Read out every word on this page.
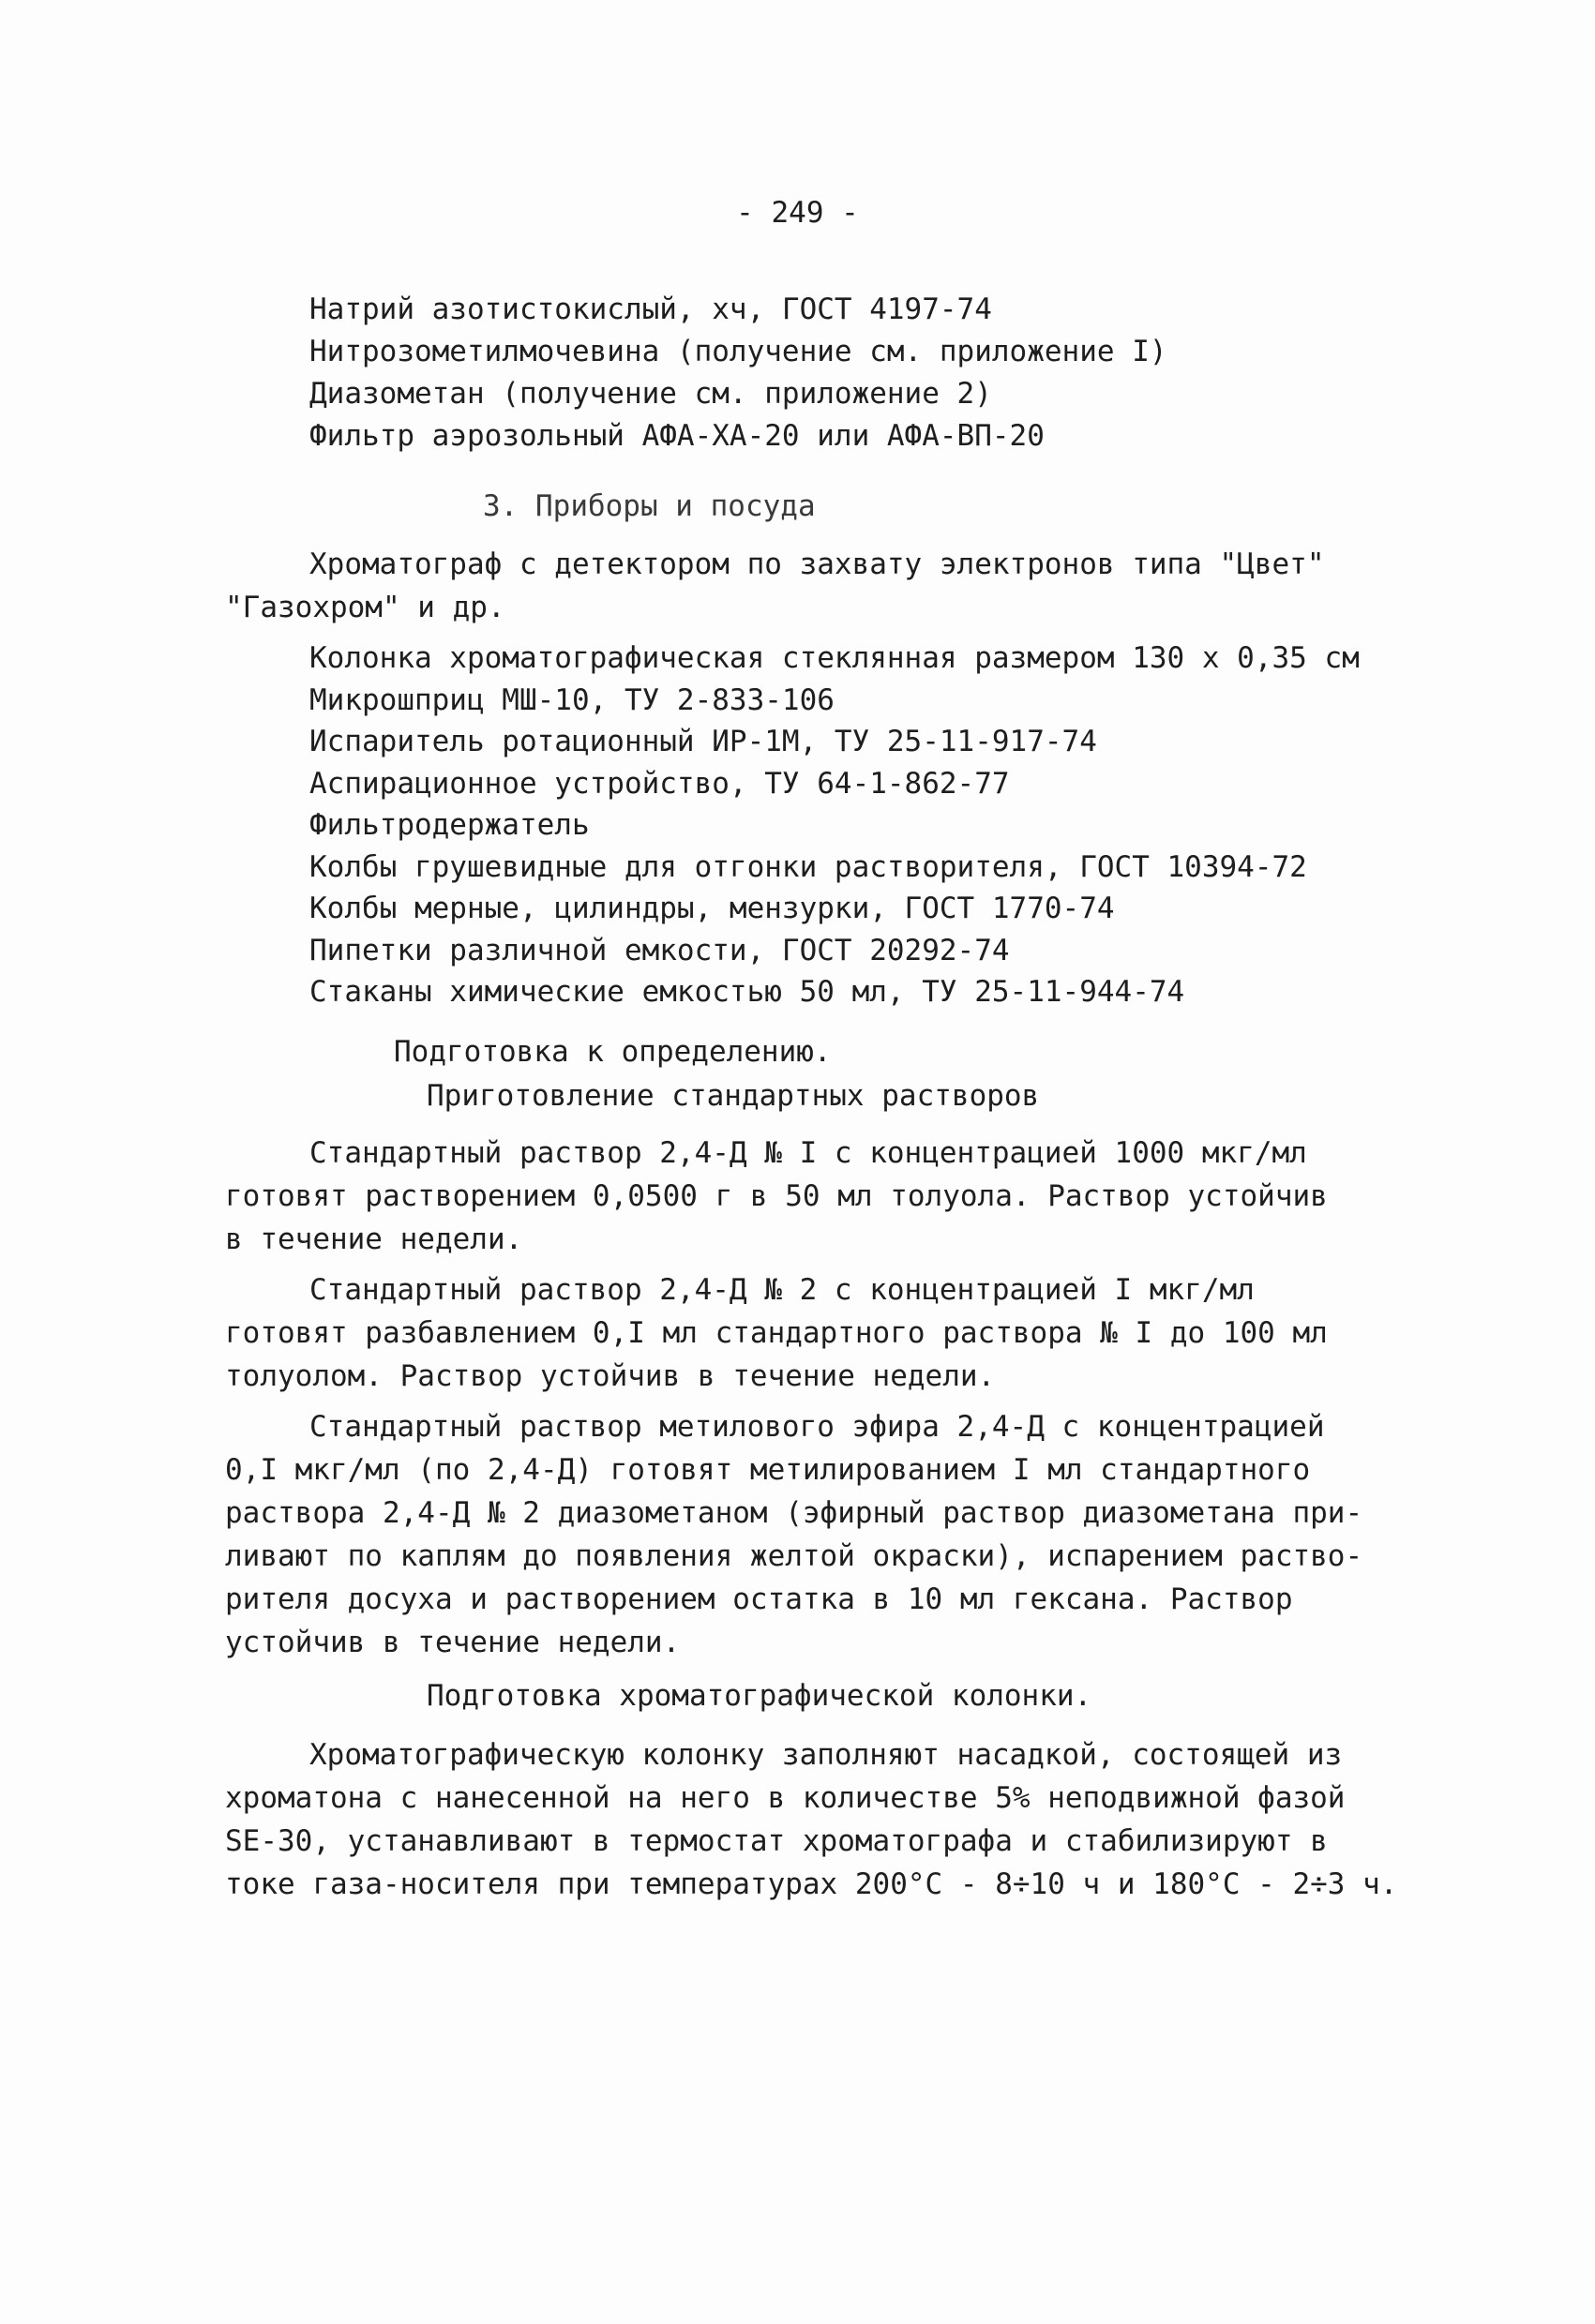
- 249 -
Натрий азотистокислый, хч, ГОСТ 4197-74
Нитрозометилмочевина (получение см. приложение I)
Диазометан (получение см. приложение 2)
Фильтр аэрозольный АФА-ХА-20 или АФА-ВП-20
3. Приборы и посуда
Хроматограф с детектором по захвату электронов типа "Цвет"
"Газохром" и др.
Колонка хроматографическая стеклянная размером 130 х 0,35 см
Микрошприц МШ-10, ТУ 2-833-106
Испаритель ротационный ИР-1М, ТУ 25-11-917-74
Аспирационное устройство, ТУ 64-1-862-77
Фильтродержатель
Колбы грушевидные для отгонки растворителя, ГОСТ 10394-72
Колбы мерные, цилиндры, мензурки, ГОСТ 1770-74
Пипетки различной емкости, ГОСТ 20292-74
Стаканы химические емкостью 50 мл, ТУ 25-11-944-74
Подготовка к определению.
Приготовление стандартных растворов
Стандартный раствор 2,4-Д № I с концентрацией 1000 мкг/мл
готовят растворением 0,0500 г в 50 мл толуола. Раствор устойчив
в течение недели.
Стандартный раствор 2,4-Д № 2 с концентрацией I мкг/мл
готовят разбавлением 0,I мл стандартного раствора № I до 100 мл
толуолом. Раствор устойчив в течение недели.
Стандартный раствор метилового эфира 2,4-Д с концентрацией
0,I мкг/мл (по 2,4-Д) готовят метилированием I мл стандартного
раствора 2,4-Д № 2 диазометаном (эфирный раствор диазометана при-
ливают по каплям до появления желтой окраски), испарением раство-
рителя досуха и растворением остатка в 10 мл гексана. Раствор
устойчив в течение недели.
Подготовка хроматографической колонки.
Хроматографическую колонку заполняют насадкой, состоящей из
хроматона с нанесенной на него в количестве 5% неподвижной фазой
SE-30, устанавливают в термостат хроматографа и стабилизируют в
токе газа-носителя при температурах 200°С - 8÷10 ч и 180°С - 2÷3 ч.
